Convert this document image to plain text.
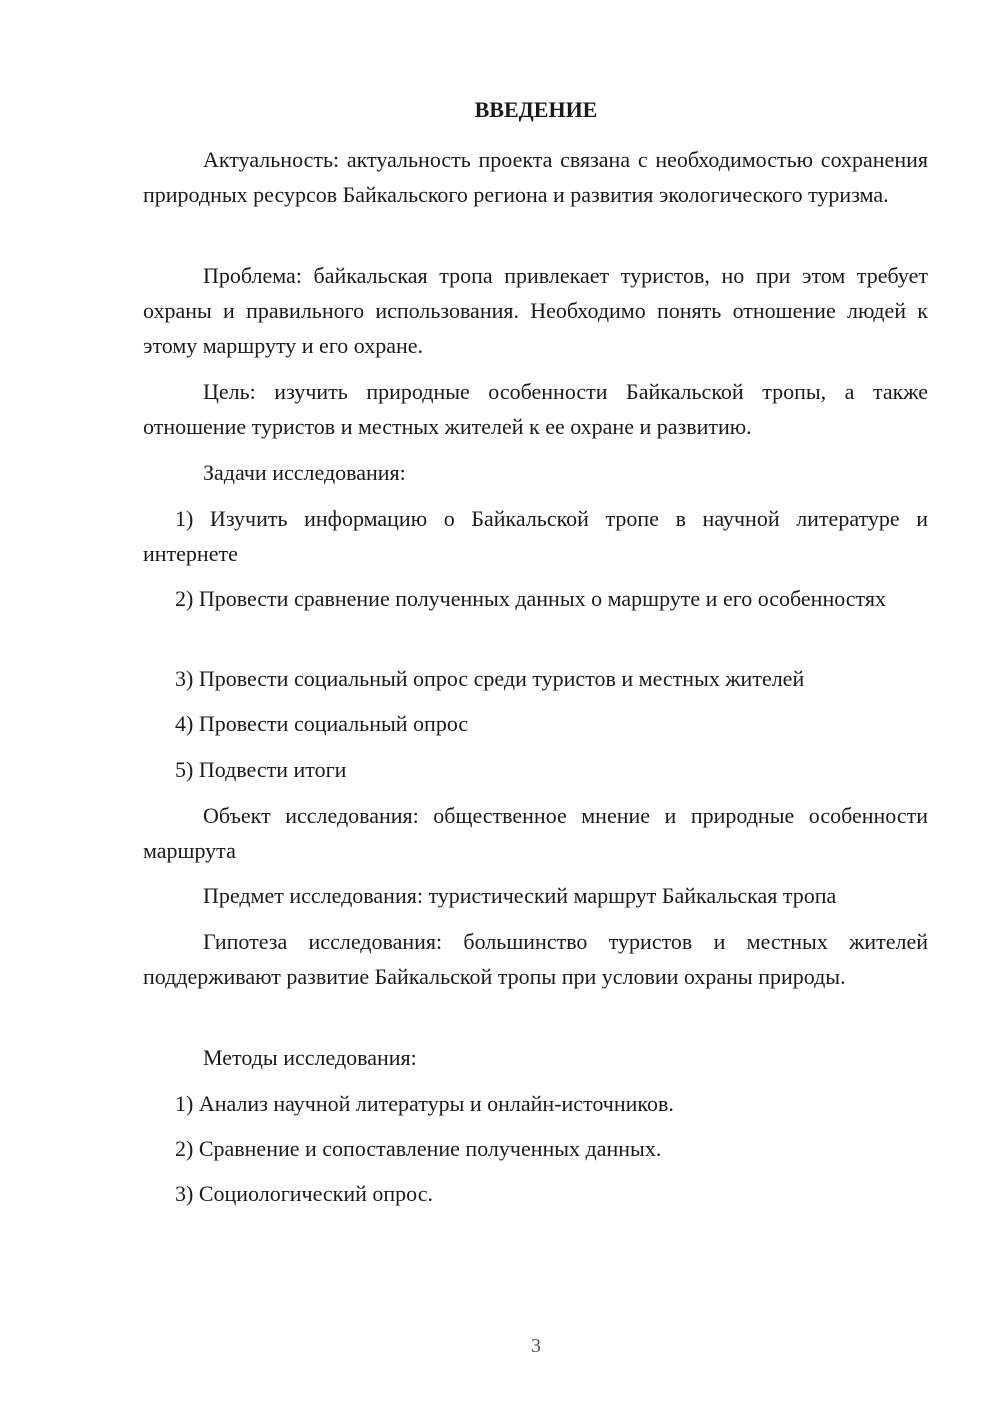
ВВЕДЕНИЕ

Актуальность: актуальность проекта связана с необходимостью сохранения природных ресурсов Байкальского региона и развития экологического туризма.

Проблема: байкальская тропа привлекает туристов, но при этом требует охраны и правильного использования. Необходимо понять отношение людей к этому маршруту и его охране.

Цель: изучить природные особенности Байкальской тропы, а также отношение туристов и местных жителей к ее охране и развитию.

Задачи исследования:

1) Изучить информацию о Байкальской тропе в научной литературе и интернете

2) Провести сравнение полученных данных о маршруте и его особенностях

3) Провести социальный опрос среди туристов и местных жителей

4) Провести социальный опрос

5) Подвести итоги

Объект исследования: общественное мнение и природные особенности маршрута

Предмет исследования: туристический маршрут Байкальская тропа

Гипотеза исследования: большинство туристов и местных жителей поддерживают развитие Байкальской тропы при условии охраны природы.

Методы исследования:

1) Анализ научной литературы и онлайн-источников.

2) Сравнение и сопоставление полученных данных.

3) Социологический опрос.

3
